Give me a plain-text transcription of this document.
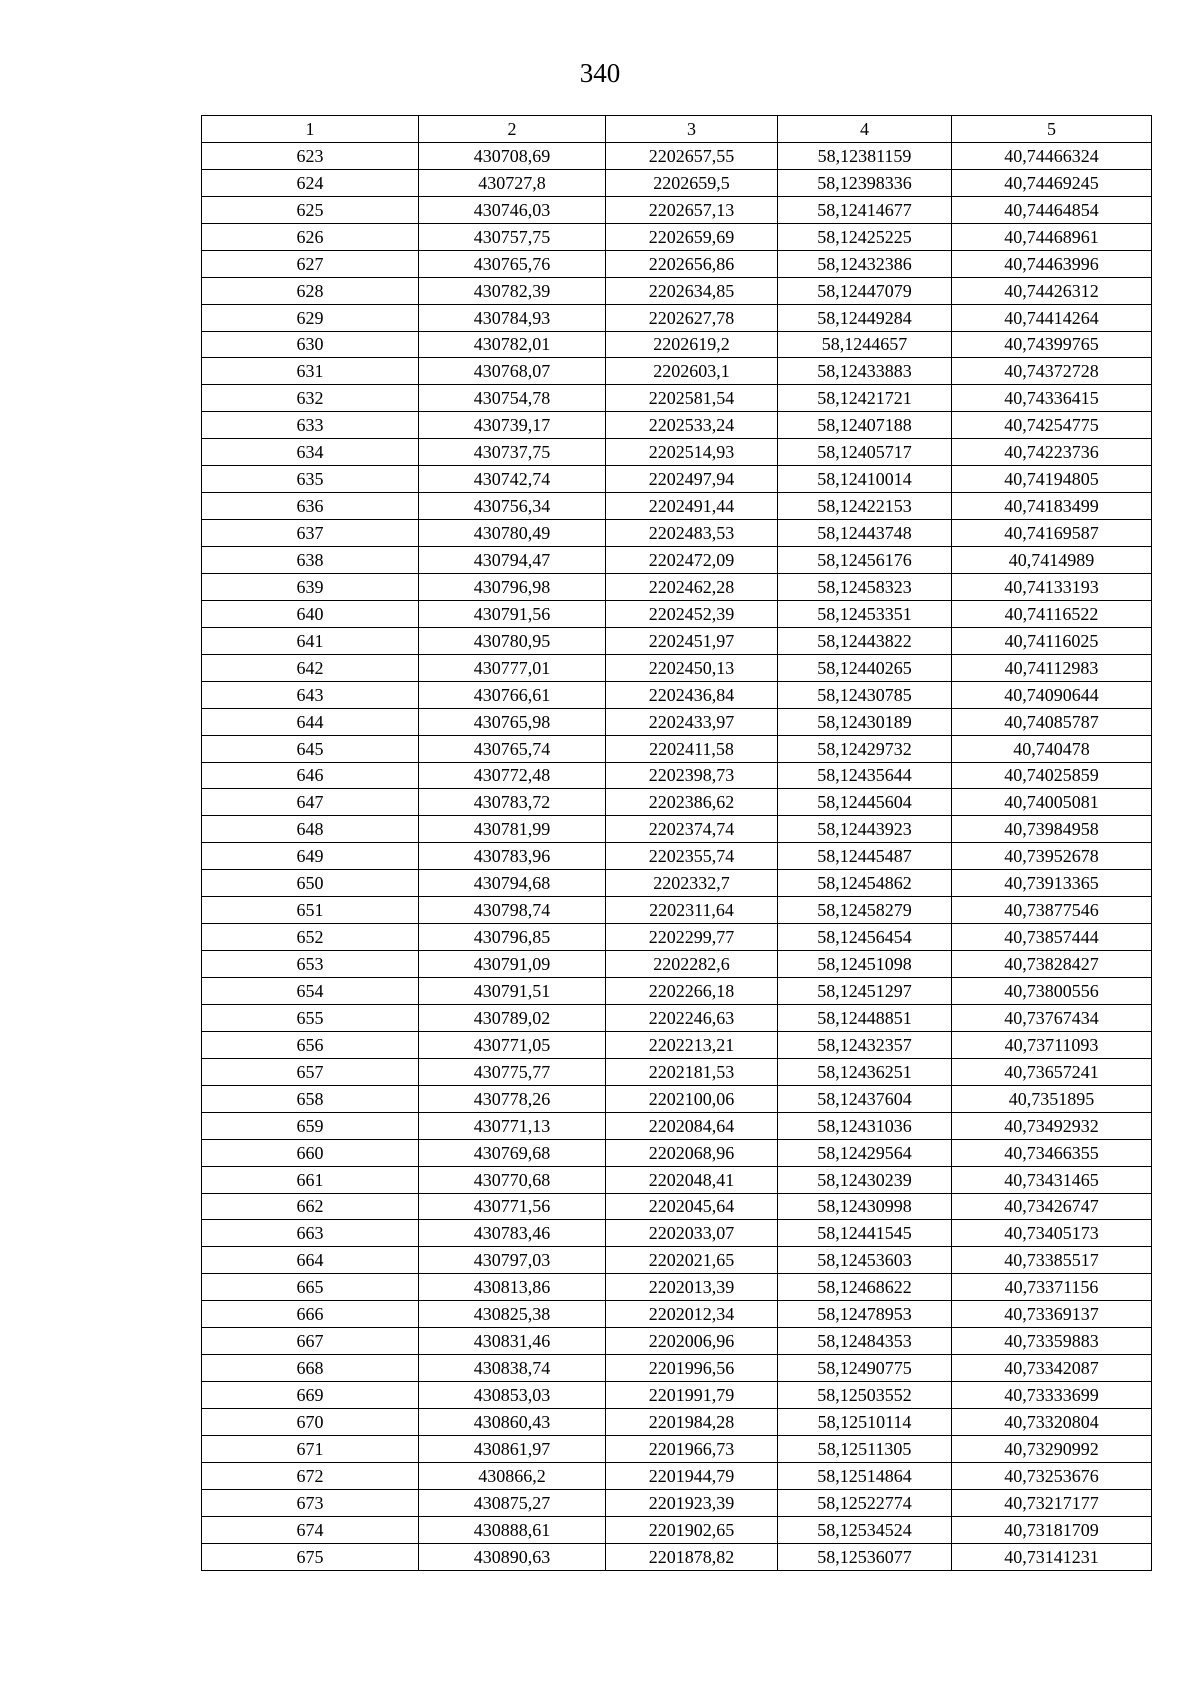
340
1	2	3	4	5
623	430708,69	2202657,55	58,12381159	40,74466324
624	430727,8	2202659,5	58,12398336	40,74469245
625	430746,03	2202657,13	58,12414677	40,74464854
626	430757,75	2202659,69	58,12425225	40,74468961
627	430765,76	2202656,86	58,12432386	40,74463996
628	430782,39	2202634,85	58,12447079	40,74426312
629	430784,93	2202627,78	58,12449284	40,74414264
630	430782,01	2202619,2	58,1244657	40,74399765
631	430768,07	2202603,1	58,12433883	40,74372728
632	430754,78	2202581,54	58,12421721	40,74336415
633	430739,17	2202533,24	58,12407188	40,74254775
634	430737,75	2202514,93	58,12405717	40,74223736
635	430742,74	2202497,94	58,12410014	40,74194805
636	430756,34	2202491,44	58,12422153	40,74183499
637	430780,49	2202483,53	58,12443748	40,74169587
638	430794,47	2202472,09	58,12456176	40,7414989
639	430796,98	2202462,28	58,12458323	40,74133193
640	430791,56	2202452,39	58,12453351	40,74116522
641	430780,95	2202451,97	58,12443822	40,74116025
642	430777,01	2202450,13	58,12440265	40,74112983
643	430766,61	2202436,84	58,12430785	40,74090644
644	430765,98	2202433,97	58,12430189	40,74085787
645	430765,74	2202411,58	58,12429732	40,740478
646	430772,48	2202398,73	58,12435644	40,74025859
647	430783,72	2202386,62	58,12445604	40,74005081
648	430781,99	2202374,74	58,12443923	40,73984958
649	430783,96	2202355,74	58,12445487	40,73952678
650	430794,68	2202332,7	58,12454862	40,73913365
651	430798,74	2202311,64	58,12458279	40,73877546
652	430796,85	2202299,77	58,12456454	40,73857444
653	430791,09	2202282,6	58,12451098	40,73828427
654	430791,51	2202266,18	58,12451297	40,73800556
655	430789,02	2202246,63	58,12448851	40,73767434
656	430771,05	2202213,21	58,12432357	40,73711093
657	430775,77	2202181,53	58,12436251	40,73657241
658	430778,26	2202100,06	58,12437604	40,7351895
659	430771,13	2202084,64	58,12431036	40,73492932
660	430769,68	2202068,96	58,12429564	40,73466355
661	430770,68	2202048,41	58,12430239	40,73431465
662	430771,56	2202045,64	58,12430998	40,73426747
663	430783,46	2202033,07	58,12441545	40,73405173
664	430797,03	2202021,65	58,12453603	40,73385517
665	430813,86	2202013,39	58,12468622	40,73371156
666	430825,38	2202012,34	58,12478953	40,73369137
667	430831,46	2202006,96	58,12484353	40,73359883
668	430838,74	2201996,56	58,12490775	40,73342087
669	430853,03	2201991,79	58,12503552	40,73333699
670	430860,43	2201984,28	58,12510114	40,73320804
671	430861,97	2201966,73	58,12511305	40,73290992
672	430866,2	2201944,79	58,12514864	40,73253676
673	430875,27	2201923,39	58,12522774	40,73217177
674	430888,61	2201902,65	58,12534524	40,73181709
675	430890,63	2201878,82	58,12536077	40,73141231
